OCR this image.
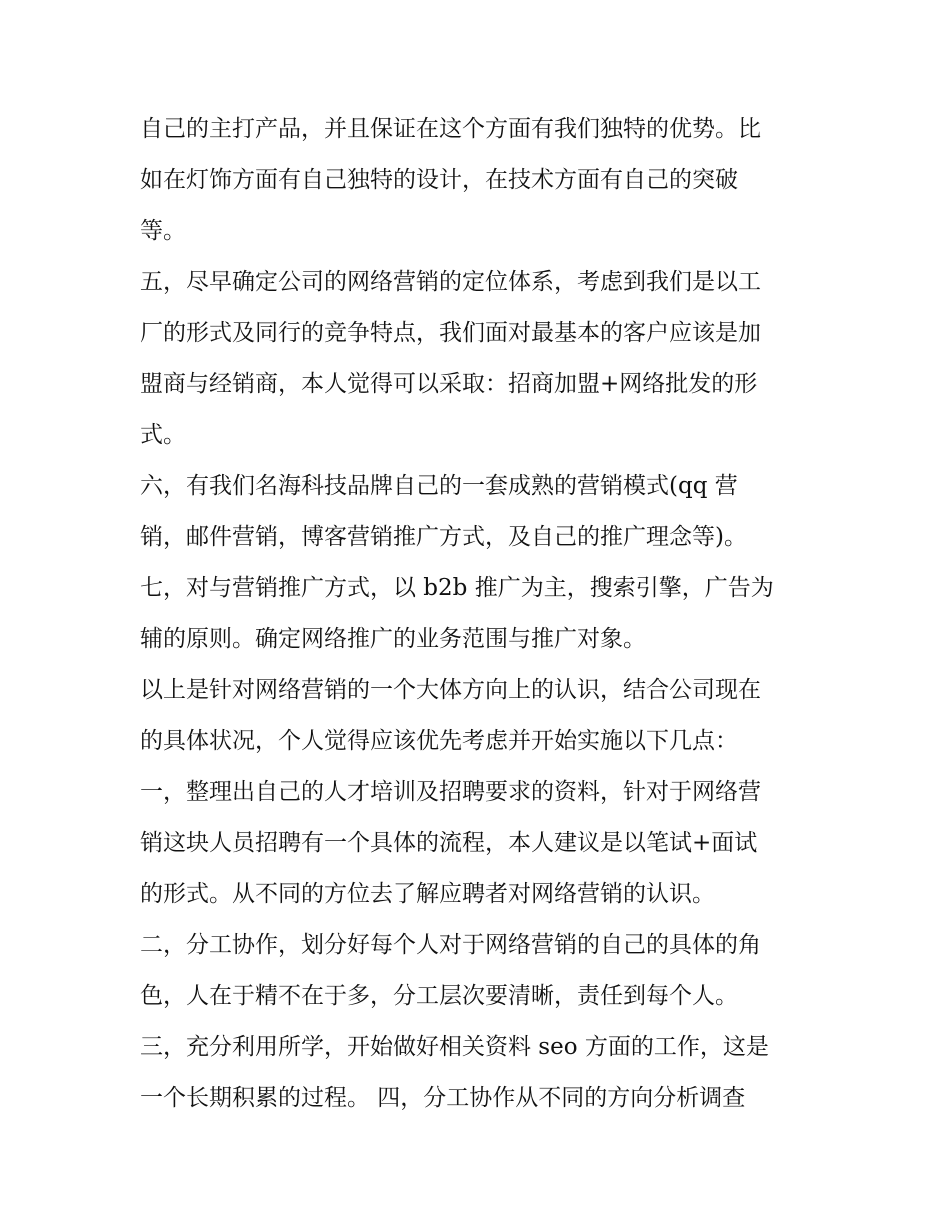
自己的主打产品，并且保证在这个方面有我们独特的优势。比
如在灯饰方面有自己独特的设计，在技术方面有自己的突破
等。
五，尽早确定公司的网络营销的定位体系，考虑到我们是以工
厂的形式及同行的竞争特点，我们面对最基本的客户应该是加
盟商与经销商，本人觉得可以采取：招商加盟+网络批发的形
式。
六，有我们名海科技品牌自己的一套成熟的营销模式(qq 营
销，邮件营销，博客营销推广方式，及自己的推广理念等)。
七，对与营销推广方式，以 b2b 推广为主，搜索引擎，广告为
辅的原则。确定网络推广的业务范围与推广对象。
以上是针对网络营销的一个大体方向上的认识，结合公司现在
的具体状况，个人觉得应该优先考虑并开始实施以下几点：
一，整理出自己的人才培训及招聘要求的资料，针对于网络营
销这块人员招聘有一个具体的流程，本人建议是以笔试+面试
的形式。从不同的方位去了解应聘者对网络营销的认识。
二，分工协作，划分好每个人对于网络营销的自己的具体的角
色，人在于精不在于多，分工层次要清晰，责任到每个人。
三，充分利用所学，开始做好相关资料 seo 方面的工作，这是
一个长期积累的过程。 四，分工协作从不同的方向分析调查
